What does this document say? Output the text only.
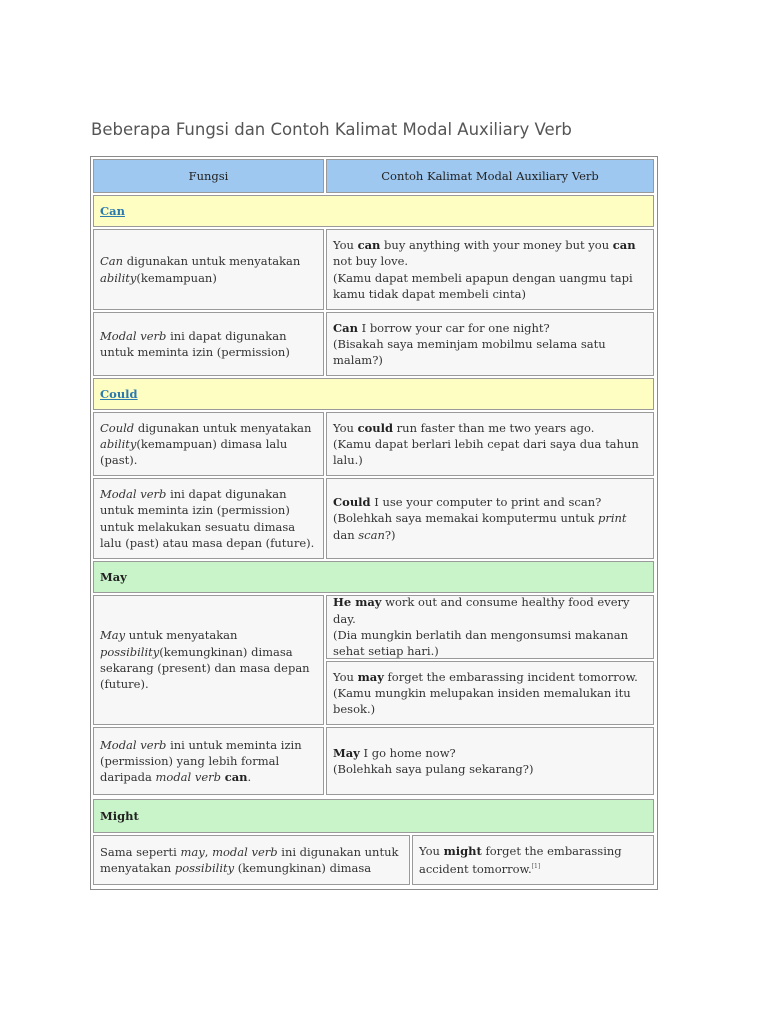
Beberapa Fungsi dan Contoh Kalimat Modal Auxiliary Verb
Fungsi	Contoh Kalimat Modal Auxiliary Verb
Can
Can digunakan untuk menyatakan ability(kemampuan)
You can buy anything with your money but you can not buy love.
(Kamu dapat membeli apapun dengan uangmu tapi kamu tidak dapat membeli cinta)
Modal verb ini dapat digunakan untuk meminta izin (permission)
Can I borrow your car for one night?
(Bisakah saya meminjam mobilmu selama satu malam?)
Could
Could digunakan untuk menyatakan ability(kemampuan) dimasa lalu (past).
You could run faster than me two years ago.
(Kamu dapat berlari lebih cepat dari saya dua tahun lalu.)
Modal verb ini dapat digunakan untuk meminta izin (permission) untuk melakukan sesuatu dimasa lalu (past) atau masa depan (future).
Could I use your computer to print and scan?
(Bolehkah saya memakai komputermu untuk print dan scan?)
May
May untuk menyatakan possibility(kemungkinan) dimasa sekarang (present) dan masa depan (future).
He may work out and consume healthy food every day.
(Dia mungkin berlatih dan mengonsumsi makanan sehat setiap hari.)
You may forget the embarassing incident tomorrow.
(Kamu mungkin melupakan insiden memalukan itu besok.)
Modal verb ini untuk meminta izin (permission) yang lebih formal daripada modal verb can.
May I go home now?
(Bolehkah saya pulang sekarang?)
Might
Sama seperti may, modal verb ini digunakan untuk menyatakan possibility (kemungkinan) dimasa
You might forget the embarassing accident tomorrow.[1]
